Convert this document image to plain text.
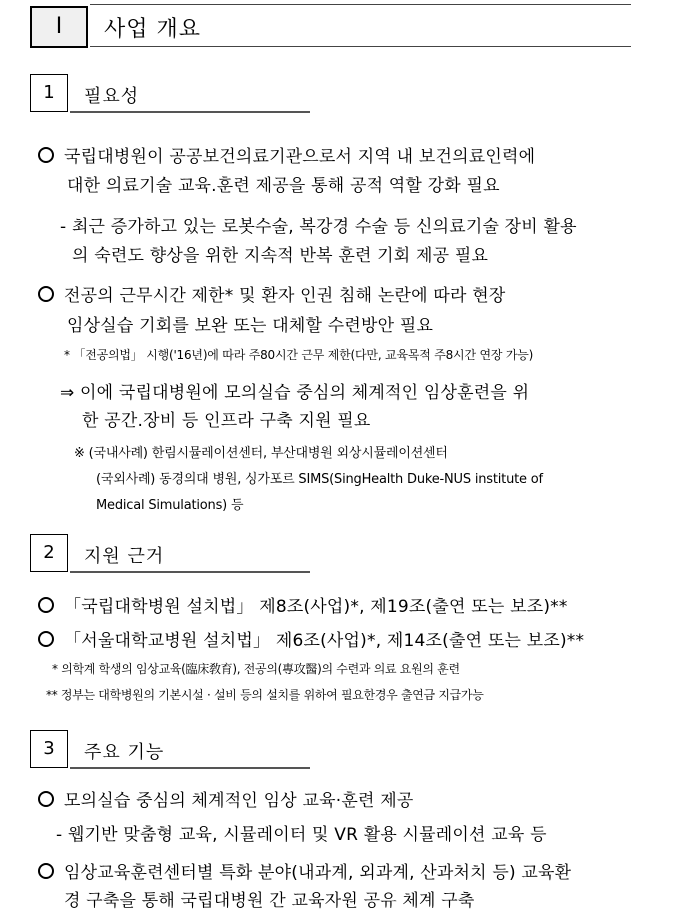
Ⅰ	사업 개요
1	필요성
국립대병원이 공공보건의료기관으로서 지역 내 보건의료인력에
대한 의료기술 교육.훈련 제공을 통해 공적 역할 강화 필요
- 최근 증가하고 있는 로봇수술, 복강경 수술 등 신의료기술 장비 활용
의 숙련도 향상을 위한 지속적 반복 훈련 기회 제공 필요
전공의 근무시간 제한* 및 환자 인권 침해 논란에 따라 현장
임상실습 기회를 보완 또는 대체할 수련방안 필요
* 「전공의법」 시행('16년)에 따라 주80시간 근무 제한(다만, 교육목적 주8시간 연장 가능)
⇒ 이에 국립대병원에 모의실습 중심의 체계적인 임상훈련을 위
한 공간.장비 등 인프라 구축 지원 필요
※ (국내사례) 한림시뮬레이션센터, 부산대병원 외상시뮬레이션센터
(국외사례) 동경의대 병원, 싱가포르 SIMS(SingHealth Duke-NUS institute of
Medical Simulations) 등
2	지원 근거
「국립대학병원 설치법」 제8조(사업)*, 제19조(출연 또는 보조)**
「서울대학교병원 설치법」 제6조(사업)*, 제14조(출연 또는 보조)**
* 의학계 학생의 임상교육(臨床敎育), 전공의(專攻醫)의 수련과 의료 요원의 훈련
** 정부는 대학병원의 기본시설 · 설비 등의 설치를 위하여 필요한경우 출연금 지급가능
3	주요 기능
모의실습 중심의 체계적인 임상 교육·훈련 제공
- 웹기반 맞춤형 교육, 시뮬레이터 및 VR 활용 시뮬레이션 교육 등
임상교육훈련센터별 특화 분야(내과계, 외과계, 산과처치 등) 교육환
경 구축을 통해 국립대병원 간 교육자원 공유 체계 구축
